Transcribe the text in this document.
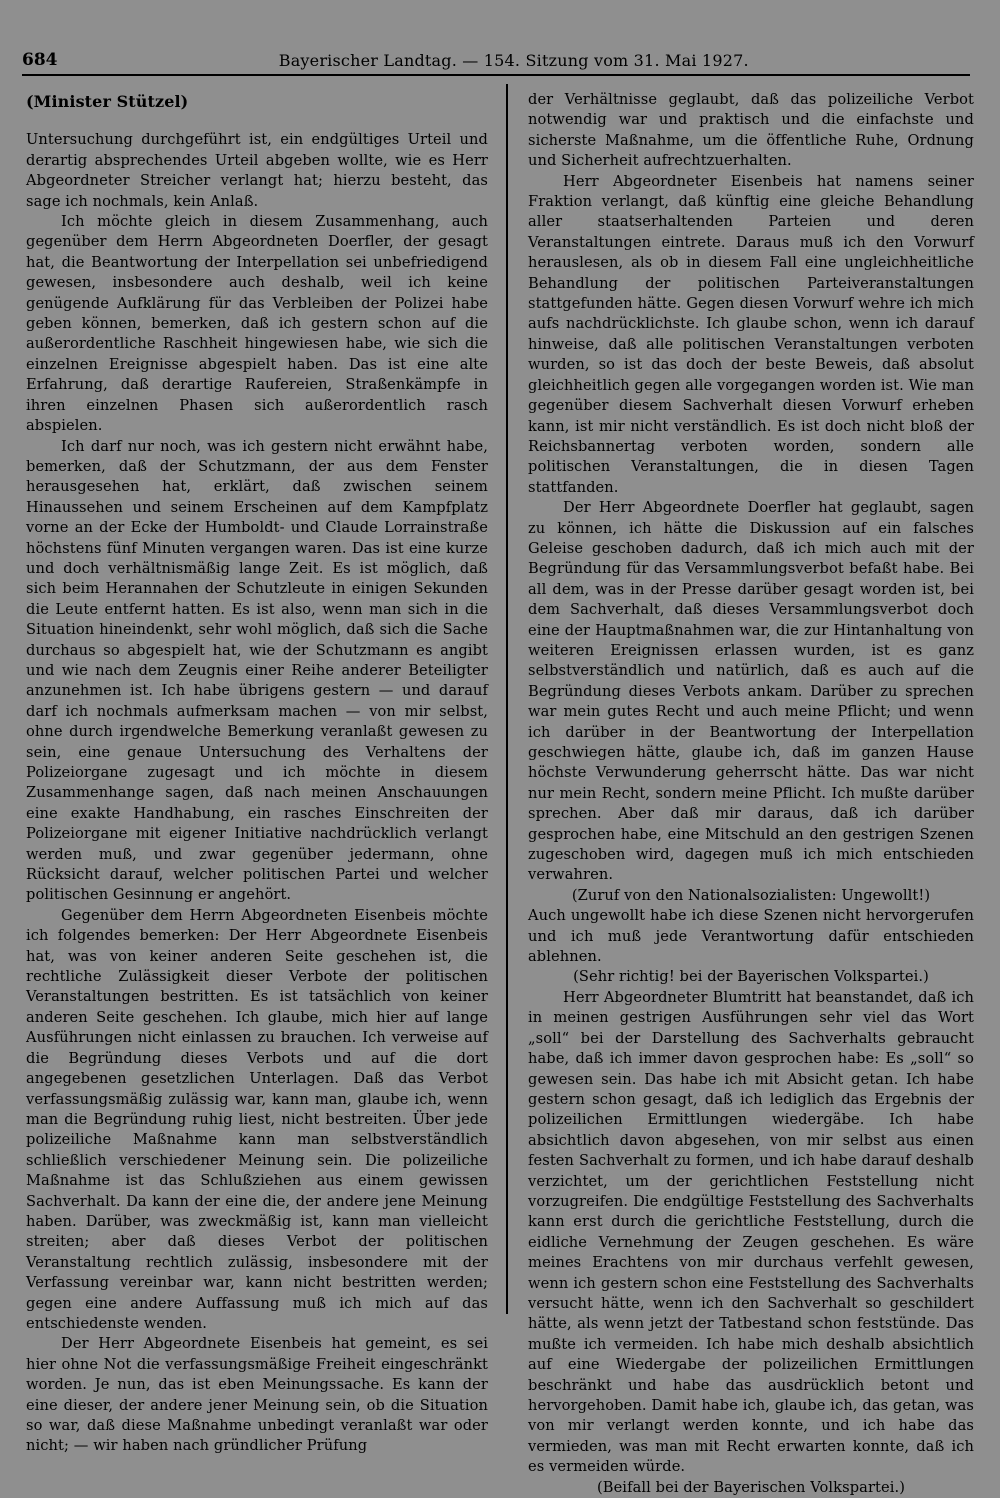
684	Bayerischer Landtag. — 154. Sitzung vom 31. Mai 1927.
(Minister Stützel)

Untersuchung durchgeführt ist, ein endgültiges Urteil und derartig absprechendes Urteil abgeben wollte, wie es Herr Abgeordneter Streicher verlangt hat; hierzu besteht, das sage ich nochmals, kein Anlaß.

Ich möchte gleich in diesem Zusammenhang, auch gegenüber dem Herrn Abgeordneten Doerfler, der gesagt hat, die Beantwortung der Interpellation sei unbefriedigend gewesen, insbesondere auch deshalb, weil ich keine genügende Aufklärung für das Verbleiben der Polizei habe geben können, bemerken, daß ich gestern schon auf die außerordentliche Raschheit hingewiesen habe, wie sich die einzelnen Ereignisse abgespielt haben. Das ist eine alte Erfahrung, daß derartige Raufereien, Straßenkämpfe in ihren einzelnen Phasen sich außerordentlich rasch abspielen.

Ich darf nur noch, was ich gestern nicht erwähnt habe, bemerken, daß der Schutzmann, der aus dem Fenster herausgesehen hat, erklärt, daß zwischen seinem Hinaussehen und seinem Erscheinen auf dem Kampfplatz vorne an der Ecke der Humboldt- und Claude Lorrainstraße höchstens fünf Minuten vergangen waren. Das ist eine kurze und doch verhältnismäßig lange Zeit. Es ist möglich, daß sich beim Herannahen der Schutzleute in einigen Sekunden die Leute entfernt hatten. Es ist also, wenn man sich in die Situation hineindenkt, sehr wohl möglich, daß sich die Sache durchaus so abgespielt hat, wie der Schutzmann es angibt und wie nach dem Zeugnis einer Reihe anderer Beteiligter anzunehmen ist. Ich habe übrigens gestern — und darauf darf ich nochmals aufmerksam machen — von mir selbst, ohne durch irgendwelche Bemerkung veranlaßt gewesen zu sein, eine genaue Untersuchung des Verhaltens der Polizeiorgane zugesagt und ich möchte in diesem Zusammenhange sagen, daß nach meinen Anschauungen eine exakte Handhabung, ein rasches Einschreiten der Polizeiorgane mit eigener Initiative nachdrücklich verlangt werden muß, und zwar gegenüber jedermann, ohne Rücksicht darauf, welcher politischen Partei und welcher politischen Gesinnung er angehört.

Gegenüber dem Herrn Abgeordneten Eisenbeis möchte ich folgendes bemerken: Der Herr Abgeordnete Eisenbeis hat, was von keiner anderen Seite geschehen ist, die rechtliche Zulässigkeit dieser Verbote der politischen Veranstaltungen bestritten. Es ist tatsächlich von keiner anderen Seite geschehen. Ich glaube, mich hier auf lange Ausführungen nicht einlassen zu brauchen. Ich verweise auf die Begründung dieses Verbots und auf die dort angegebenen gesetzlichen Unterlagen. Daß das Verbot verfassungsmäßig zulässig war, kann man, glaube ich, wenn man die Begründung ruhig liest, nicht bestreiten. Über jede polizeiliche Maßnahme kann man selbstverständlich schließlich verschiedener Meinung sein. Die polizeiliche Maßnahme ist das Schlußziehen aus einem gewissen Sachverhalt. Da kann der eine die, der andere jene Meinung haben. Darüber, was zweckmäßig ist, kann man vielleicht streiten; aber daß dieses Verbot der politischen Veranstaltung rechtlich zulässig, insbesondere mit der Verfassung vereinbar war, kann nicht bestritten werden; gegen eine andere Auffassung muß ich mich auf das entschiedenste wenden.

Der Herr Abgeordnete Eisenbeis hat gemeint, es sei hier ohne Not die verfassungsmäßige Freiheit eingeschränkt worden. Je nun, das ist eben Meinungssache. Es kann der eine dieser, der andere jener Meinung sein, ob die Situation so war, daß diese Maßnahme unbedingt veranlaßt war oder nicht; — wir haben nach gründlicher Prüfung

der Verhältnisse geglaubt, daß das polizeiliche Verbot notwendig war und praktisch und die einfachste und sicherste Maßnahme, um die öffentliche Ruhe, Ordnung und Sicherheit aufrechtzuerhalten.

Herr Abgeordneter Eisenbeis hat namens seiner Fraktion verlangt, daß künftig eine gleiche Behandlung aller staatserhaltenden Parteien und deren Veranstaltungen eintrete. Daraus muß ich den Vorwurf herauslesen, als ob in diesem Fall eine ungleichheitliche Behandlung der politischen Parteiveranstaltungen stattgefunden hätte. Gegen diesen Vorwurf wehre ich mich aufs nachdrücklichste. Ich glaube schon, wenn ich darauf hinweise, daß alle politischen Veranstaltungen verboten wurden, so ist das doch der beste Beweis, daß absolut gleichheitlich gegen alle vorgegangen worden ist. Wie man gegenüber diesem Sachverhalt diesen Vorwurf erheben kann, ist mir nicht verständlich. Es ist doch nicht bloß der Reichsbannertag verboten worden, sondern alle politischen Veranstaltungen, die in diesen Tagen stattfanden.

Der Herr Abgeordnete Doerfler hat geglaubt, sagen zu können, ich hätte die Diskussion auf ein falsches Geleise geschoben dadurch, daß ich mich auch mit der Begründung für das Versammlungsverbot befaßt habe. Bei all dem, was in der Presse darüber gesagt worden ist, bei dem Sachverhalt, daß dieses Versammlungsverbot doch eine der Hauptmaßnahmen war, die zur Hintanhaltung von weiteren Ereignissen erlassen wurden, ist es ganz selbstverständlich und natürlich, daß es auch auf die Begründung dieses Verbots ankam. Darüber zu sprechen war mein gutes Recht und auch meine Pflicht; und wenn ich darüber in der Beantwortung der Interpellation geschwiegen hätte, glaube ich, daß im ganzen Hause höchste Verwunderung geherrscht hätte. Das war nicht nur mein Recht, sondern meine Pflicht. Ich mußte darüber sprechen. Aber daß mir daraus, daß ich darüber gesprochen habe, eine Mitschuld an den gestrigen Szenen zugeschoben wird, dagegen muß ich mich entschieden verwahren.

(Zuruf von den Nationalsozialisten: Ungewollt!)

Auch ungewollt habe ich diese Szenen nicht hervorgerufen und ich muß jede Verantwortung dafür entschieden ablehnen.

(Sehr richtig! bei der Bayerischen Volkspartei.)

Herr Abgeordneter Blumtritt hat beanstandet, daß ich in meinen gestrigen Ausführungen sehr viel das Wort „soll“ bei der Darstellung des Sachverhalts gebraucht habe, daß ich immer davon gesprochen habe: Es „soll“ so gewesen sein. Das habe ich mit Absicht getan. Ich habe gestern schon gesagt, daß ich lediglich das Ergebnis der polizeilichen Ermittlungen wiedergäbe. Ich habe absichtlich davon abgesehen, von mir selbst aus einen festen Sachverhalt zu formen, und ich habe darauf deshalb verzichtet, um der gerichtlichen Feststellung nicht vorzugreifen. Die endgültige Feststellung des Sachverhalts kann erst durch die gerichtliche Feststellung, durch die eidliche Vernehmung der Zeugen geschehen. Es wäre meines Erachtens von mir durchaus verfehlt gewesen, wenn ich gestern schon eine Feststellung des Sachverhalts versucht hätte, wenn ich den Sachverhalt so geschildert hätte, als wenn jetzt der Tatbestand schon feststünde. Das mußte ich vermeiden. Ich habe mich deshalb absichtlich auf eine Wiedergabe der polizeilichen Ermittlungen beschränkt und habe das ausdrücklich betont und hervorgehoben. Damit habe ich, glaube ich, das getan, was von mir verlangt werden konnte, und ich habe das vermieden, was man mit Recht erwarten konnte, daß ich es vermeiden würde.

(Beifall bei der Bayerischen Volkspartei.)
